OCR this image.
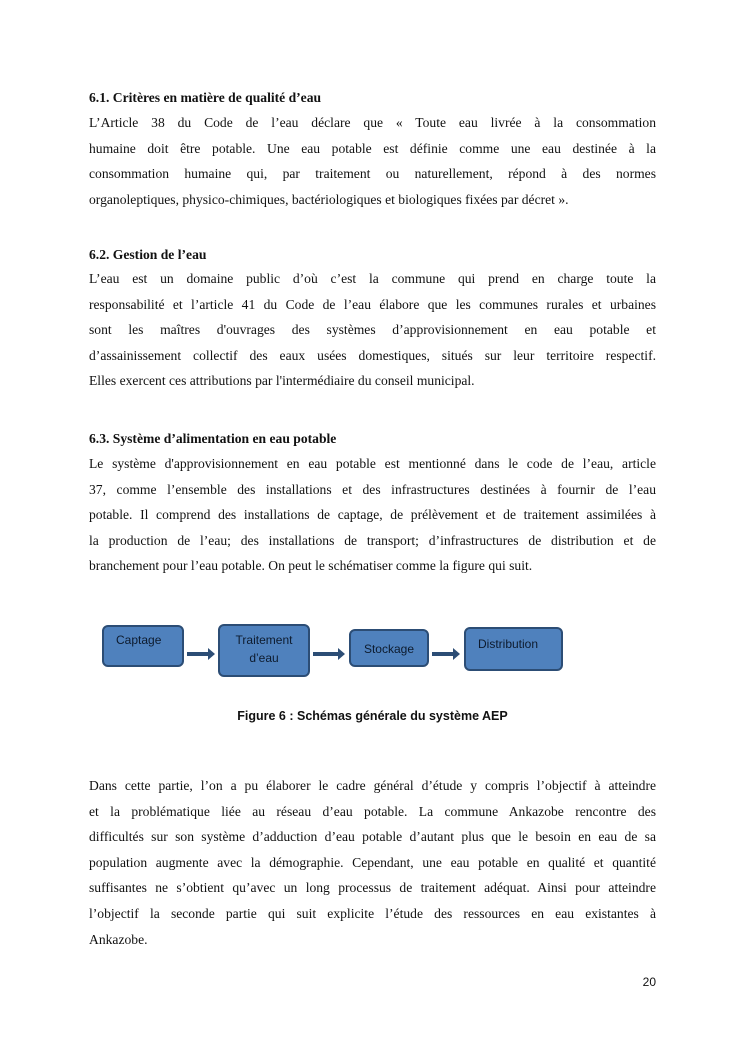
6.1. Critères en matière de qualité d’eau
L’Article 38 du Code de l’eau déclare que « Toute eau livrée à la consommation
humaine doit être potable. Une eau potable est définie comme une eau destinée à la
consommation humaine qui, par traitement ou naturellement, répond à des normes
organoleptiques, physico-chimiques, bactériologiques et biologiques fixées par décret ».
6.2. Gestion de l’eau
L’eau est un domaine public d’où c’est la commune qui prend en charge toute la
responsabilité et l’article 41 du Code de l’eau élabore que les communes rurales et urbaines
sont les maîtres d'ouvrages des systèmes d’approvisionnement en eau potable et
d’assainissement collectif des eaux usées domestiques, situés sur leur territoire respectif.
Elles exercent ces attributions par l'intermédiaire du conseil municipal.
6.3. Système d’alimentation en eau potable
Le système d'approvisionnement en eau potable est mentionné dans le code de l’eau, article
37, comme l’ensemble des installations et des infrastructures destinées à fournir de l’eau
potable. Il comprend des installations de captage, de prélèvement et de traitement assimilées à
la production de l’eau; des installations de transport; d’infrastructures de distribution et de
branchement pour l’eau potable. On peut le schématiser comme la figure qui suit.
Captage	Traitement
d’eau
Stockage	Distribution
Figure 6 : Schémas générale du système AEP
Dans cette partie, l’on a pu élaborer le cadre général d’étude y compris l’objectif à atteindre
et la problématique liée au réseau d’eau potable. La commune Ankazobe rencontre des
difficultés sur son système d’adduction d’eau potable d’autant plus que le besoin en eau de sa
population augmente avec la démographie. Cependant, une eau potable en qualité et quantité
suffisantes ne s’obtient qu’avec un long processus de traitement adéquat. Ainsi pour atteindre
l’objectif la seconde partie qui suit explicite l’étude des ressources en eau existantes à
Ankazobe.
20
